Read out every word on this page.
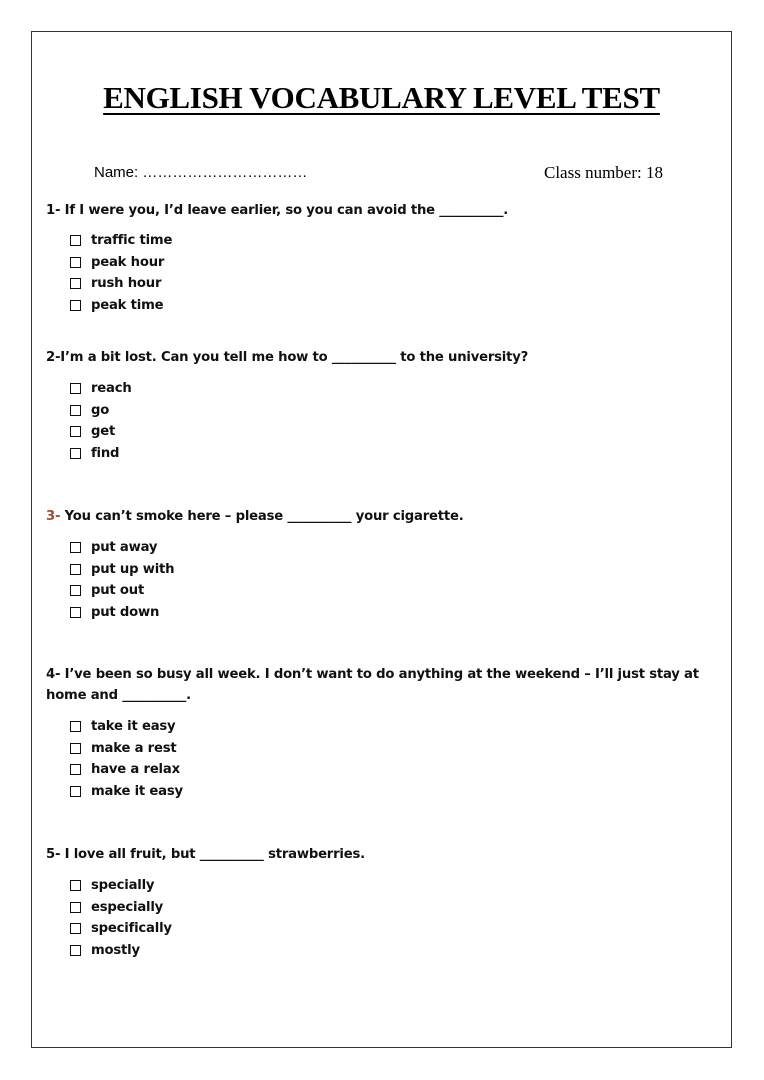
ENGLISH VOCABULARY LEVEL TEST
Name: ……………………………	Class number: 18
1- If I were you, I’d leave earlier, so you can avoid the __________.
traffic time
peak hour
rush hour
peak time
2-I’m a bit lost. Can you tell me how to __________ to the university?
reach
go
get
find
3- You can’t smoke here – please __________ your cigarette.
put away
put up with
put out
put down
4- I’ve been so busy all week. I don’t want to do anything at the weekend – I’ll just stay at home and __________.
take it easy
make a rest
have a relax
make it easy
5- I love all fruit, but __________ strawberries.
specially
especially
specifically
mostly
